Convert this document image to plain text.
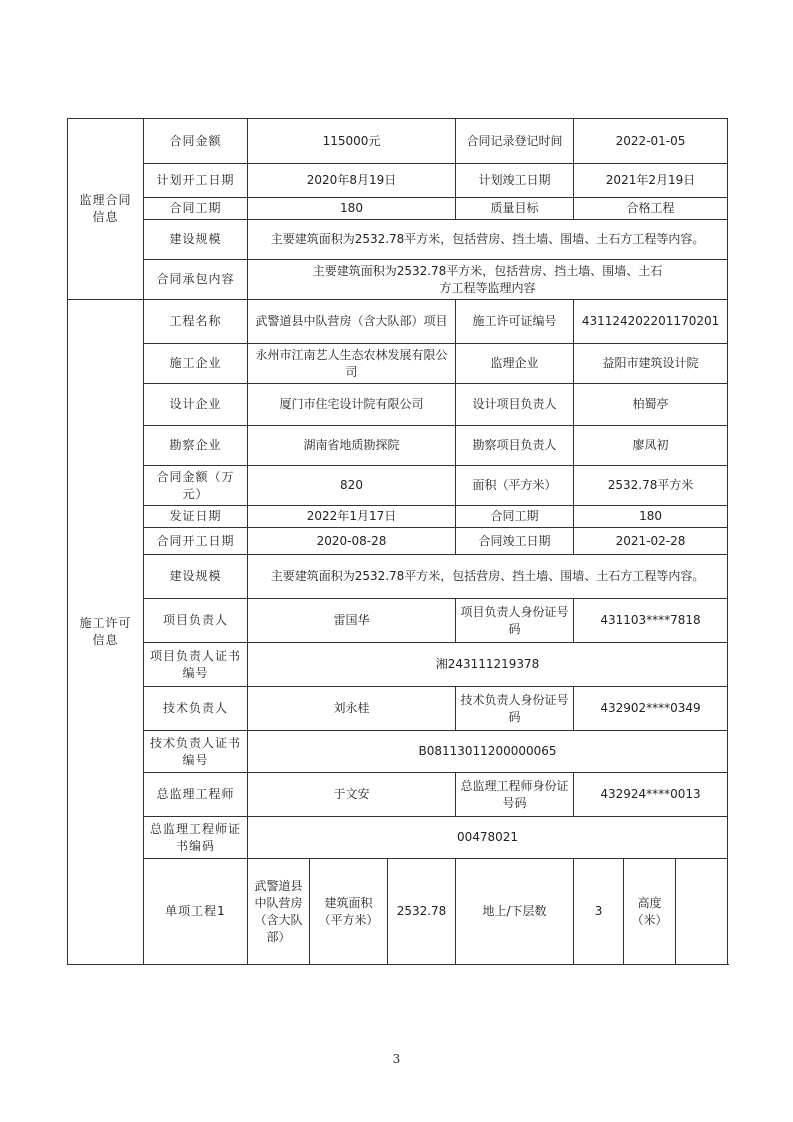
监理合同信息	合同金额	115000元			合同记录登记时间	2022-01-05		
	计划开工日期	2020年8月19日			计划竣工日期	2021年2月19日		
	合同工期	180			质量目标	合格工程		
	建设规模	主要建筑面积为2532.78平方米，包括营房、挡土墙、围墙、土石方工程等内容。						
	合同承包内容	主要建筑面积为2532.78平方米，包括营房、挡土墙、围墙、土石方工程等监理内容						
施工许可信息	工程名称	武警道县中队营房（含大队部）项目			施工许可证编号	431124202201170201		
	施工企业	永州市江南艺人生态农林发展有限公司			监理企业	益阳市建筑设计院		
	设计企业	厦门市住宅设计院有限公司			设计项目负责人	柏蜀亭		
	勘察企业	湖南省地质勘探院			勘察项目负责人	廖凤初		
	合同金额（万元）	820			面积（平方米）	2532.78平方米		
	发证日期	2022年1月17日			合同工期	180		
	合同开工日期	2020-08-28			合同竣工日期	2021-02-28		
	建设规模	主要建筑面积为2532.78平方米，包括营房、挡土墙、围墙、土石方工程等内容。						
	项目负责人	雷国华			项目负责人身份证号码	431103****7818		
	项目负责人证书编号	湘243111219378						
	技术负责人	刘永桂			技术负责人身份证号码	432902****0349		
	技术负责人证书编号	B08113011200000065						
	总监理工程师	于文安			总监理工程师身份证号码	432924****0013		
	总监理工程师证书编码	00478021						
	单项工程1	武警道县中队营房（含大队部）	建筑面积（平方米）	2532.78	地上/下层数	3	高度（米）	
3
